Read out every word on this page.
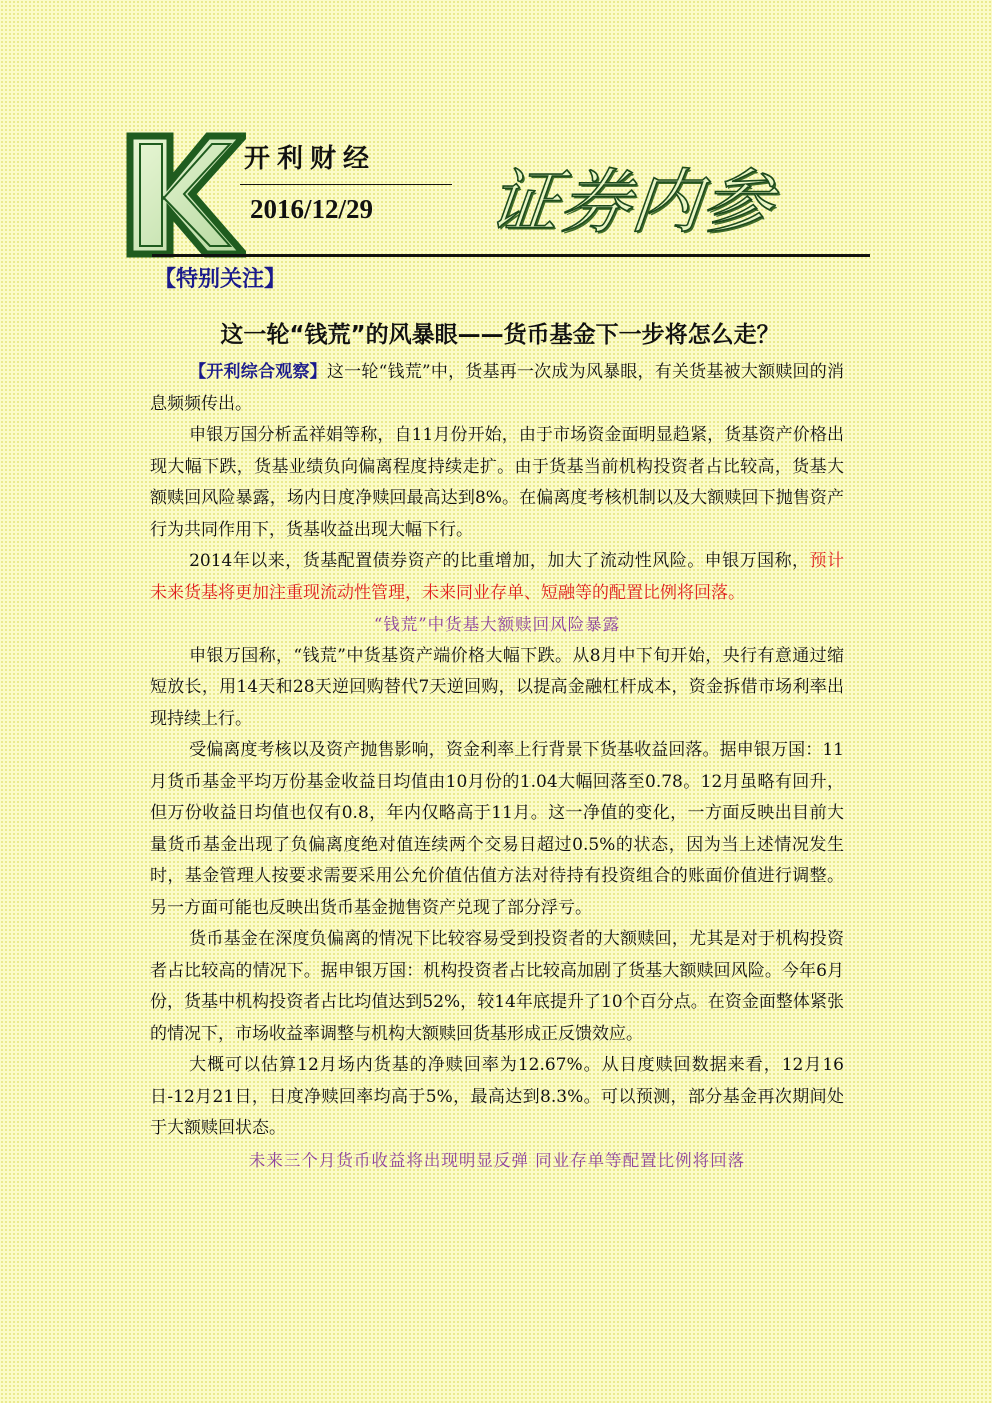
开利财经
2016/12/29 证券内参
【特别关注】
这一轮“钱荒”的风暴眼——货币基金下一步将怎么走？

【开利综合观察】这一轮“钱荒”中，货基再一次成为风暴眼，有关货基被大额赎回的消息频频传出。

申银万国分析孟祥娟等称，自11月份开始，由于市场资金面明显趋紧，货基资产价格出现大幅下跌，货基业绩负向偏离程度持续走扩。由于货基当前机构投资者占比较高，货基大额赎回风险暴露，场内日度净赎回最高达到8%。在偏离度考核机制以及大额赎回下抛售资产行为共同作用下，货基收益出现大幅下行。

2014年以来，货基配置债券资产的比重增加，加大了流动性风险。申银万国称，预计未来货基将更加注重现流动性管理，未来同业存单、短融等的配置比例将回落。

“钱荒”中货基大额赎回风险暴露

申银万国称，“钱荒”中货基资产端价格大幅下跌。从8月中下旬开始，央行有意通过缩短放长，用14天和28天逆回购替代7天逆回购，以提高金融杠杆成本，资金拆借市场利率出现持续上行。

受偏离度考核以及资产抛售影响，资金利率上行背景下货基收益回落。据申银万国：11月货币基金平均万份基金收益日均值由10月份的1.04大幅回落至0.78。12月虽略有回升，但万份收益日均值也仅有0.8，年内仅略高于11月。这一净值的变化，一方面反映出目前大量货币基金出现了负偏离度绝对值连续两个交易日超过0.5%的状态，因为当上述情况发生时，基金管理人按要求需要采用公允价值估值方法对待持有投资组合的账面价值进行调整。另一方面可能也反映出货币基金抛售资产兑现了部分浮亏。

货币基金在深度负偏离的情况下比较容易受到投资者的大额赎回，尤其是对于机构投资者占比较高的情况下。据申银万国：机构投资者占比较高加剧了货基大额赎回风险。今年6月份，货基中机构投资者占比均值达到52%，较14年底提升了10个百分点。在资金面整体紧张的情况下，市场收益率调整与机构大额赎回货基形成正反馈效应。

大概可以估算12月场内货基的净赎回率为12.67%。从日度赎回数据来看，12月16日-12月21日，日度净赎回率均高于5%，最高达到8.3%。可以预测，部分基金再次期间处于大额赎回状态。

未来三个月货币收益将出现明显反弹 同业存单等配置比例将回落
